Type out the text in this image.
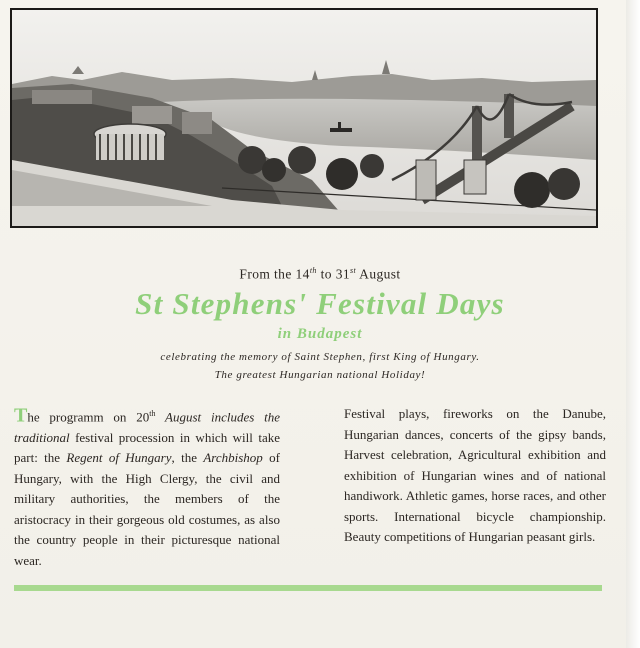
From the 14th to 31st August
St Stephens' Festival Days
in Budapest
celebrating the memory of Saint Stephen, first King of Hungary.
The greatest Hungarian national Holiday!
The programm on 20th August includes the traditional festival procession in which will take part: the Regent of Hungary, the Archbishop of Hungary, with the High Clergy, the civil and military authorities, the members of the aristocracy in their gorgeous old costumes, as also the country people in their picturesque national wear.
Festival plays, fireworks on the Danube, Hungarian dances, concerts of the gipsy bands, Harvest celebration, Agricultural exhibition and exhibition of Hungarian wines and of national handiwork. Athletic games, horse races, and other sports. International bicycle championship. Beauty competitions of Hungarian peasant girls.
